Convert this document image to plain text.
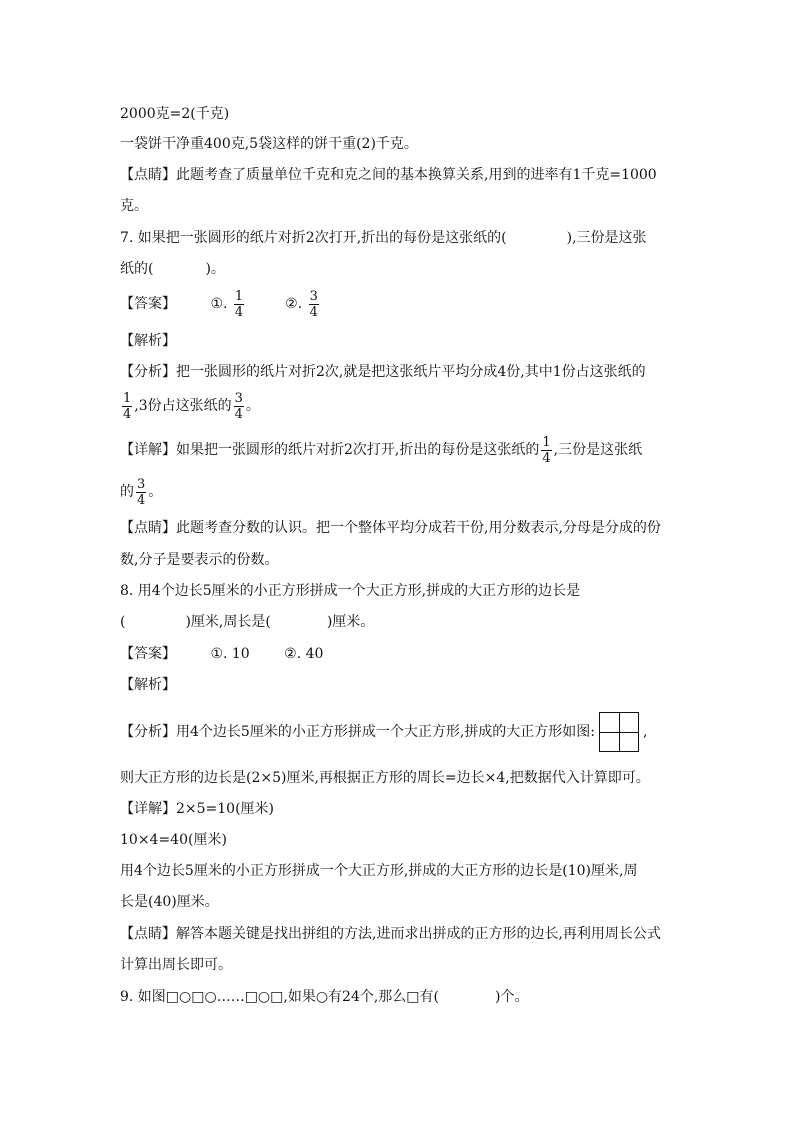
2000克=2(千克)
一袋饼干净重400克,5袋这样的饼干重(2)千克。
【点睛】此题考查了质量单位千克和克之间的基本换算关系,用到的进率有1千克=1000
克。
7. 如果把一张圆形的纸片对折2次打开,折出的每份是这张纸的(	),三份是这张
纸的(	)。
【答案】 ①. $\frac{1}{4}$	②. $\frac{3}{4}$
【解析】
【分析】把一张圆形的纸片对折2次,就是把这张纸片平均分成4份,其中1份占这张纸的
$\frac{1}{4} ,3$份占这张纸的 $\frac{3}{4}$ 。
【详解】如果把一张圆形的纸片对折2次打开,折出的每份是这张纸的 $\frac{1}{4}$ ,三份是这张纸
的 $\frac{3}{4}$ 。
【点睛】此题考查分数的认识。把一个整体平均分成若干份,用分数表示,分母是分成的份
数,分子是要表示的份数。
8. 用4个边长5厘米的小正方形拼成一个大正方形,拼成的大正方形的边长是
(	)厘米,周长是(	)厘米。
【答案】 ①. 10 ②. 40
【解析】
【分析】用4个边长5厘米的小正方形拼成一个大正方形,拼成的大正方形如图:	,
则大正方形的边长是(2×5)厘米,再根据正方形的周长=边长×4,把数据代入计算即可。
【详解】2×5=10(厘米)
10×4=40(厘米)
用4个边长5厘米的小正方形拼成一个大正方形,拼成的大正方形的边长是(10)厘米,周
长是(40)厘米。
【点睛】解答本题关键是找出拼组的方法,进而求出拼成的正方形的边长,再利用周长公式
计算出周长即可。
9. 如图□○□○……□○□,如果○有24个,那么□有(	)个。
